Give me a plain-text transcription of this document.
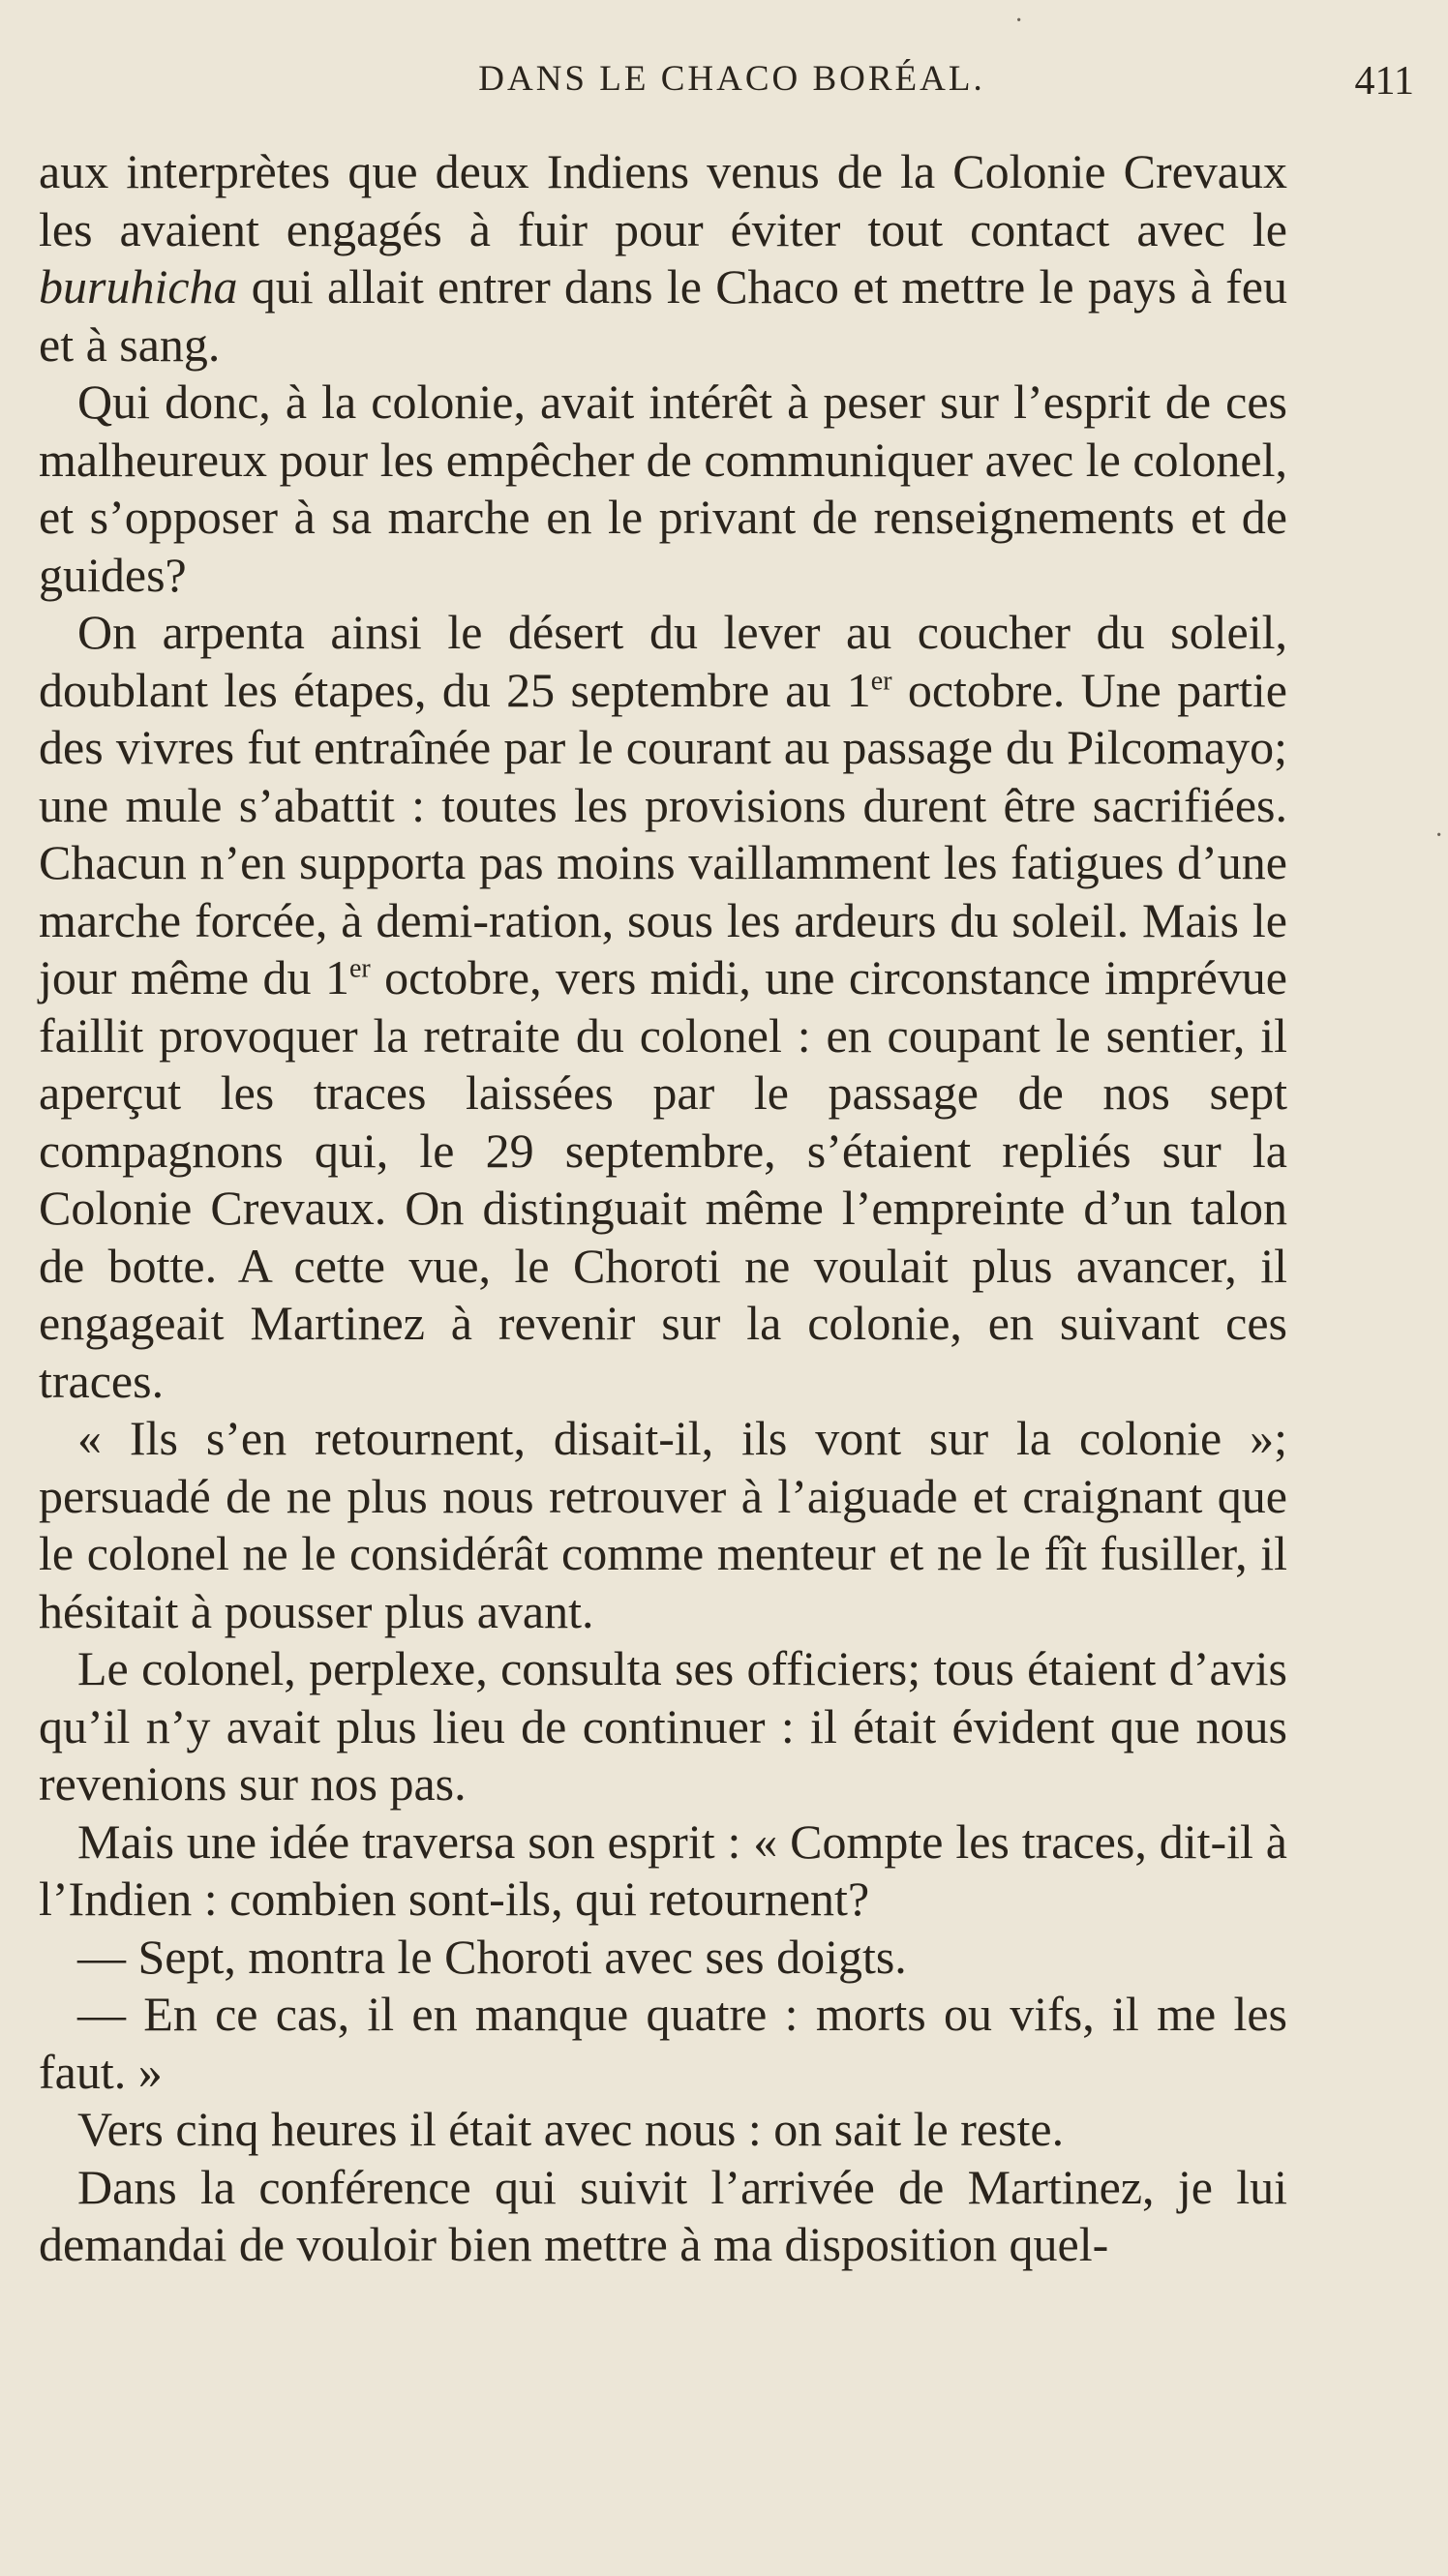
DANS LE CHACO BORÉAL.	411

aux interprètes que deux Indiens venus de la Colonie Crevaux les avaient engagés à fuir pour éviter tout contact avec le buruhicha qui allait entrer dans le Chaco et mettre le pays à feu et à sang.

Qui donc, à la colonie, avait intérêt à peser sur l’esprit de ces malheureux pour les empêcher de communiquer avec le colonel, et s’opposer à sa marche en le privant de renseignements et de guides?

On arpenta ainsi le désert du lever au coucher du soleil, doublant les étapes, du 25 septembre au 1er octobre. Une partie des vivres fut entraînée par le courant au passage du Pilcomayo; une mule s’abattit : toutes les provisions durent être sacrifiées. Chacun n’en supporta pas moins vaillamment les fatigues d’une marche forcée, à demi-ration, sous les ardeurs du soleil. Mais le jour même du 1er octobre, vers midi, une circonstance imprévue faillit provoquer la retraite du colonel : en coupant le sentier, il aperçut les traces laissées par le passage de nos sept compagnons qui, le 29 septembre, s’étaient repliés sur la Colonie Crevaux. On distinguait même l’empreinte d’un talon de botte. A cette vue, le Choroti ne voulait plus avancer, il engageait Martinez à revenir sur la colonie, en suivant ces traces.

« Ils s’en retournent, disait-il, ils vont sur la colonie »; persuadé de ne plus nous retrouver à l’aiguade et craignant que le colonel ne le considérât comme menteur et ne le fît fusiller, il hésitait à pousser plus avant.

Le colonel, perplexe, consulta ses officiers; tous étaient d’avis qu’il n’y avait plus lieu de continuer : il était évident que nous revenions sur nos pas.

Mais une idée traversa son esprit : « Compte les traces, dit-il à l’Indien : combien sont-ils, qui retournent?

— Sept, montra le Choroti avec ses doigts.

— En ce cas, il en manque quatre : morts ou vifs, il me les faut. »

Vers cinq heures il était avec nous : on sait le reste.

Dans la conférence qui suivit l’arrivée de Martinez, je lui demandai de vouloir bien mettre à ma disposition quel-

·
·
